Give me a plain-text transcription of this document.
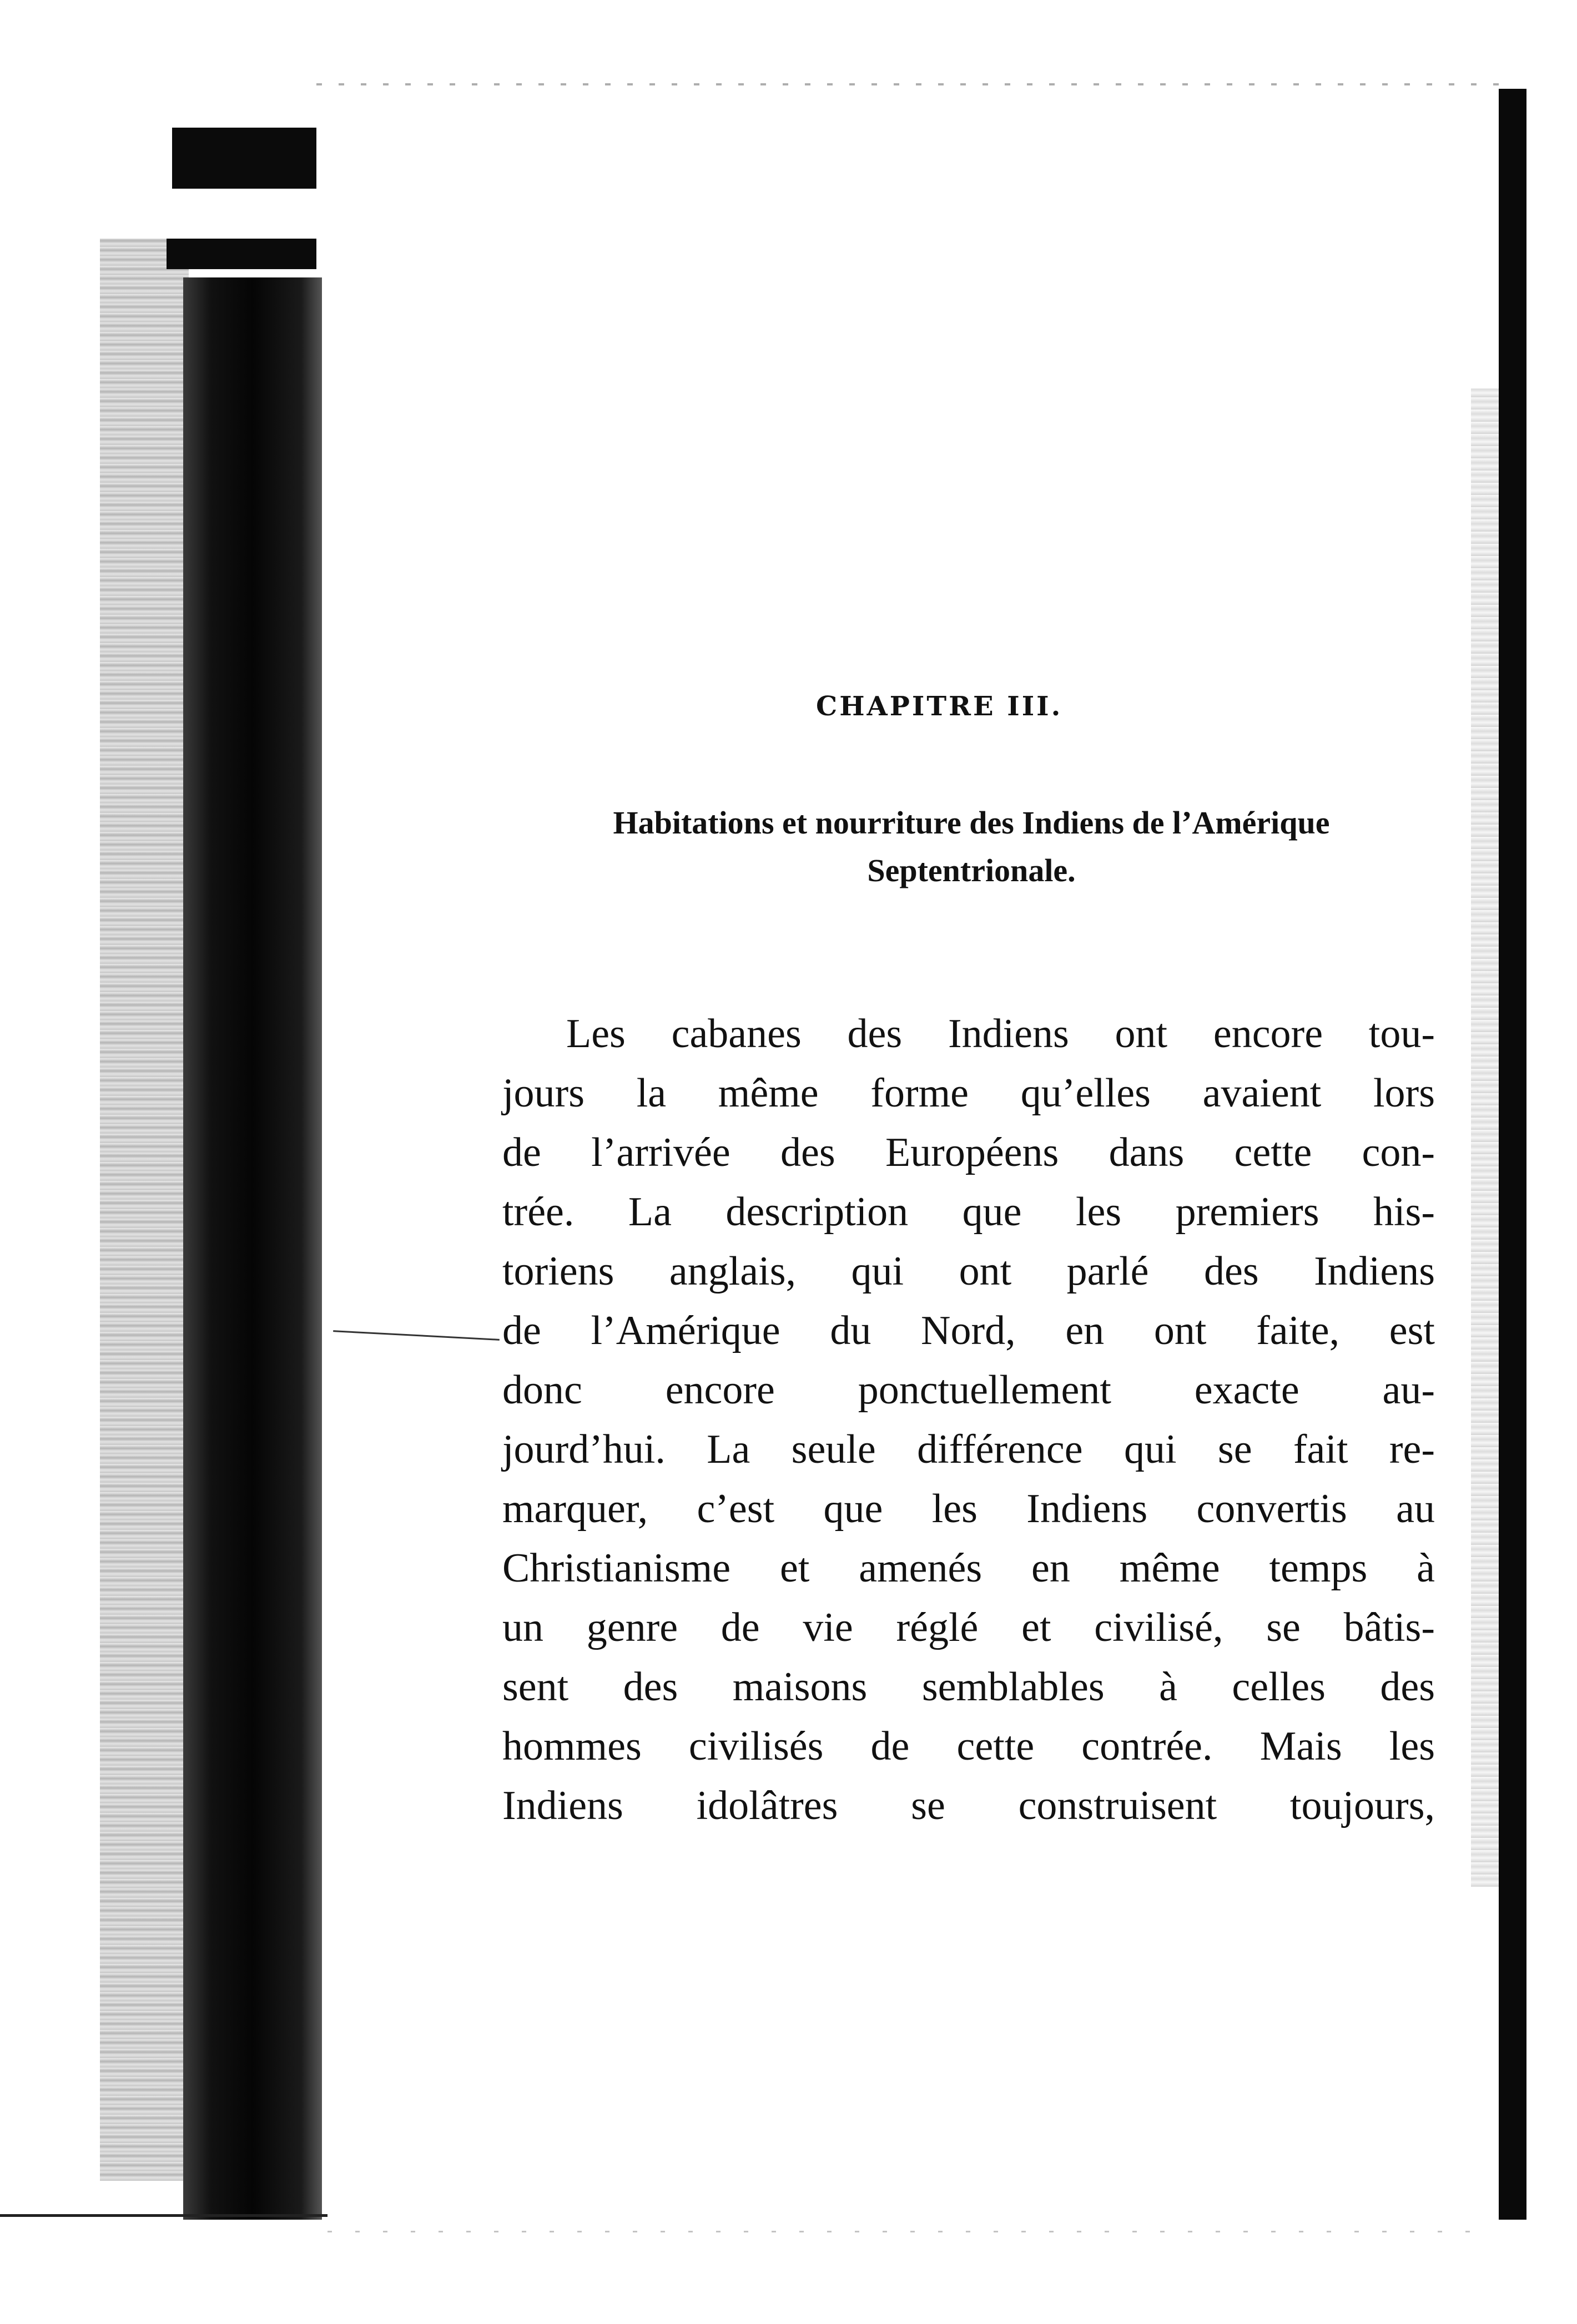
CHAPITRE III.
Habitations et nourriture des Indiens de l’Amérique
Septentrionale.
Les cabanes des Indiens ont encore tou-
jours la même forme qu’elles avaient lors
de l’arrivée des Européens dans cette con-
trée. La description que les premiers his-
toriens anglais, qui ont parlé des Indiens
de l’Amérique du Nord, en ont faite, est
donc encore ponctuellement exacte au-
jourd’hui. La seule différence qui se fait re-
marquer, c’est que les Indiens convertis au
Christianisme et amenés en même temps à
un genre de vie réglé et civilisé, se bâtis-
sent des maisons semblables à celles des
hommes civilisés de cette contrée. Mais les
Indiens idolâtres se construisent toujours,
